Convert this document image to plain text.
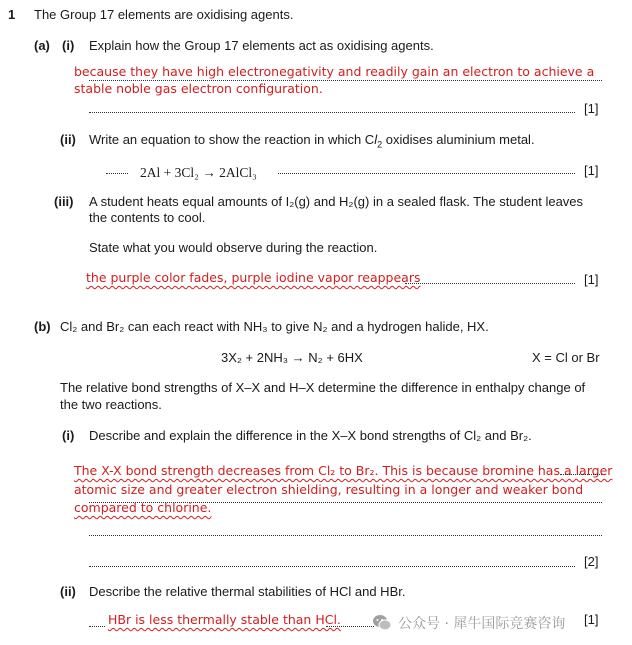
1 The Group 17 elements are oxidising agents.
(a) (i) Explain how the Group 17 elements act as oxidising agents.
because they have high electronegativity and readily gain an electron to achieve a
stable noble gas electron configuration.
[1]
(ii) Write an equation to show the reaction in which $Cl_2$ oxidises aluminium metal.
2Al + 3Cl₂ → 2AlCl₃	[1]
(iii) A student heats equal amounts of I₂(g) and H₂(g) in a sealed flask. The student leaves
the contents to cool.
State what you would observe during the reaction.
the purple color fades, purple iodine vapor reappears	[1]
(b) Cl₂ and Br₂ can each react with NH₃ to give N₂ and a hydrogen halide, HX.
3X₂ + 2NH₃ → N₂ + 6HX	X = Cl or Br
The relative bond strengths of X–X and H–X determine the difference in enthalpy change of
the two reactions.
(i) Describe and explain the difference in the X–X bond strengths of Cl₂ and Br₂.
The X-X bond strength decreases from Cl₂ to Br₂. This is because bromine has a larger
atomic size and greater electron shielding, resulting in a longer and weaker bond
compared to chlorine.
[2]
(ii) Describe the relative thermal stabilities of HCl and HBr.
HBr is less thermally stable than HCl.	[1]
公众号 · 犀牛国际竞赛咨询
